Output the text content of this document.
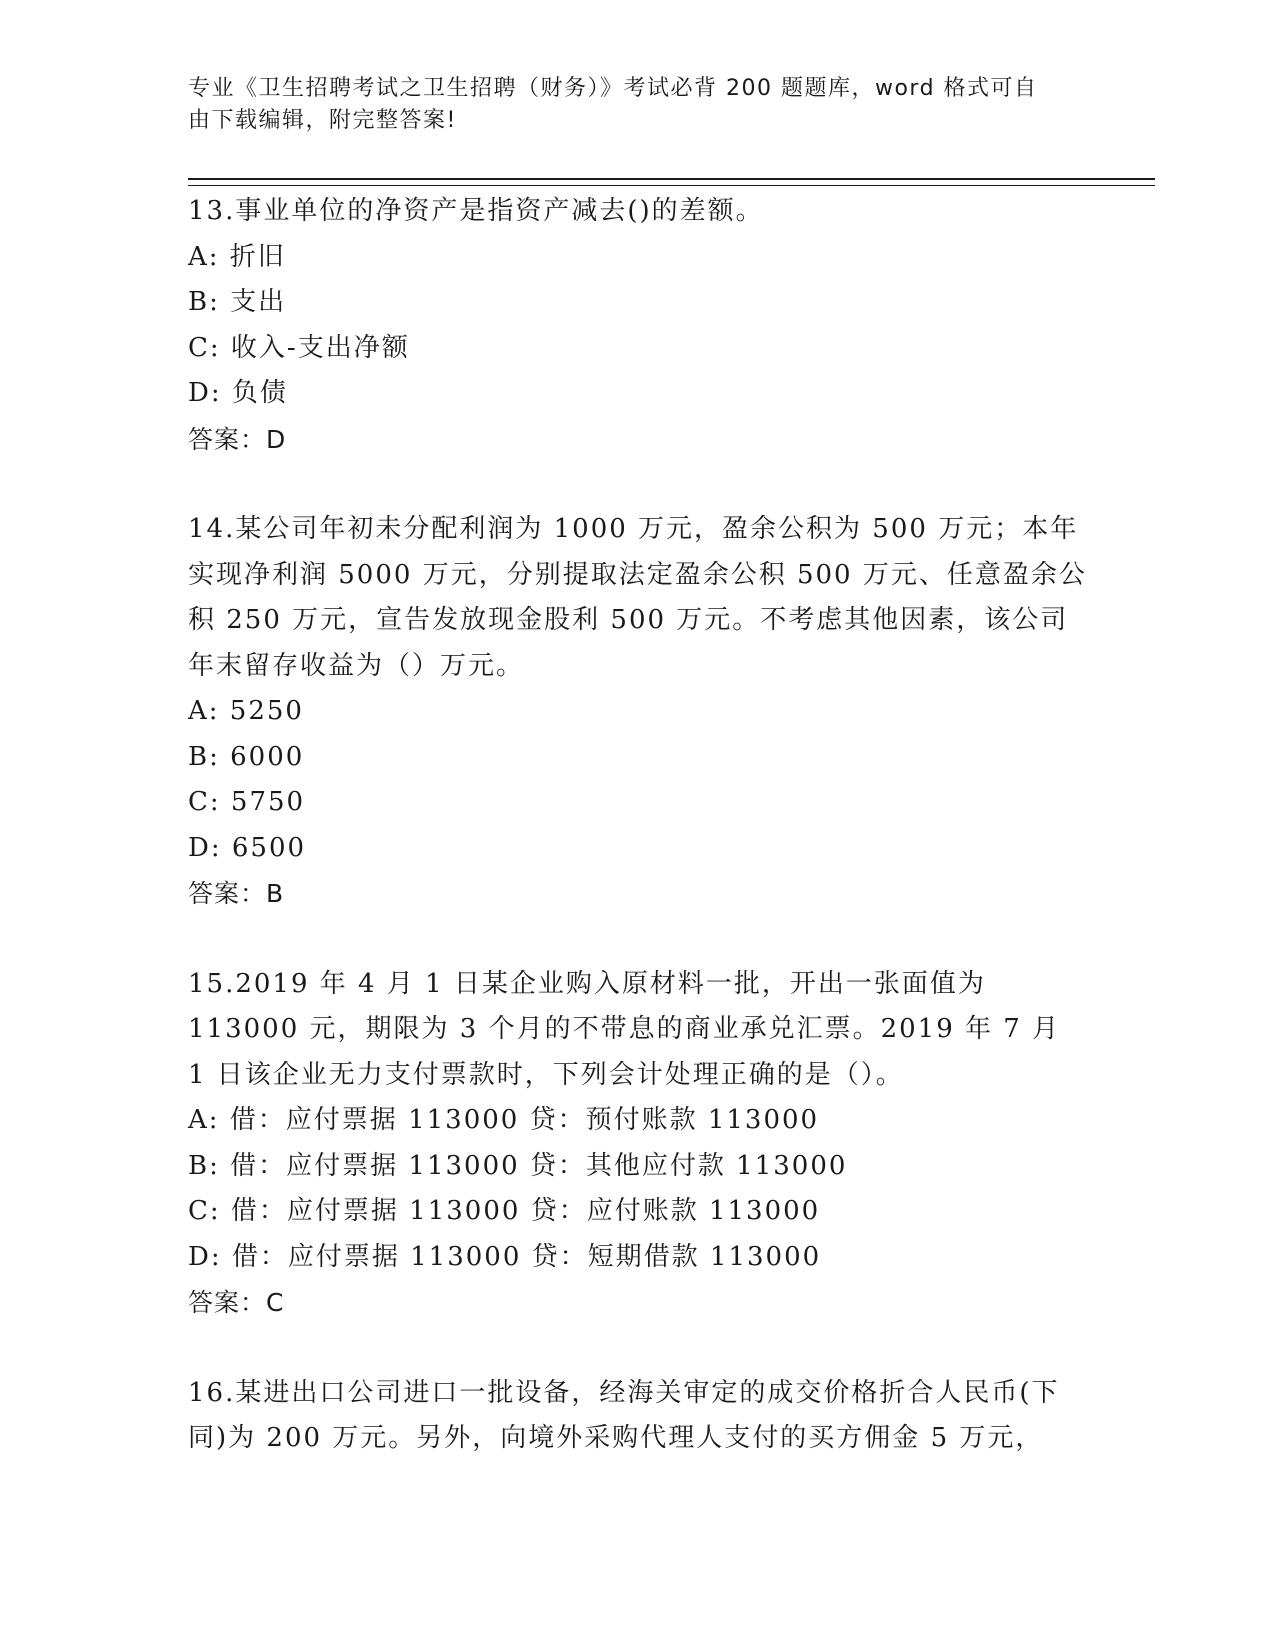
专业《卫生招聘考试之卫生招聘（财务）》考试必背 200 题题库，word 格式可自
由下载编辑，附完整答案!

13.事业单位的净资产是指资产减去()的差额。

A: 折旧
B: 支出
C: 收入-支出净额
D: 负债
答案：D

14.某公司年初未分配利润为 1000 万元，盈余公积为 500 万元；本年实现净利润 5000 万元，分别提取法定盈余公积 500 万元、任意盈余公积 250 万元，宣告发放现金股利 500 万元。不考虑其他因素，该公司年末留存收益为（）万元。

A: 5250
B: 6000
C: 5750
D: 6500
答案：B

15.2019 年 4 月 1 日某企业购入原材料一批，开出一张面值为 113000 元，期限为 3 个月的不带息的商业承兑汇票。2019 年 7 月 1 日该企业无力支付票款时，下列会计处理正确的是（）。

A: 借：应付票据 113000 贷：预付账款 113000
B: 借：应付票据 113000 贷：其他应付款 113000
C: 借：应付票据 113000 贷：应付账款 113000
D: 借：应付票据 113000 贷：短期借款 113000
答案：C

16.某进出口公司进口一批设备，经海关审定的成交价格折合人民币(下同)为 200 万元。另外，向境外采购代理人支付的买方佣金 5 万元，
